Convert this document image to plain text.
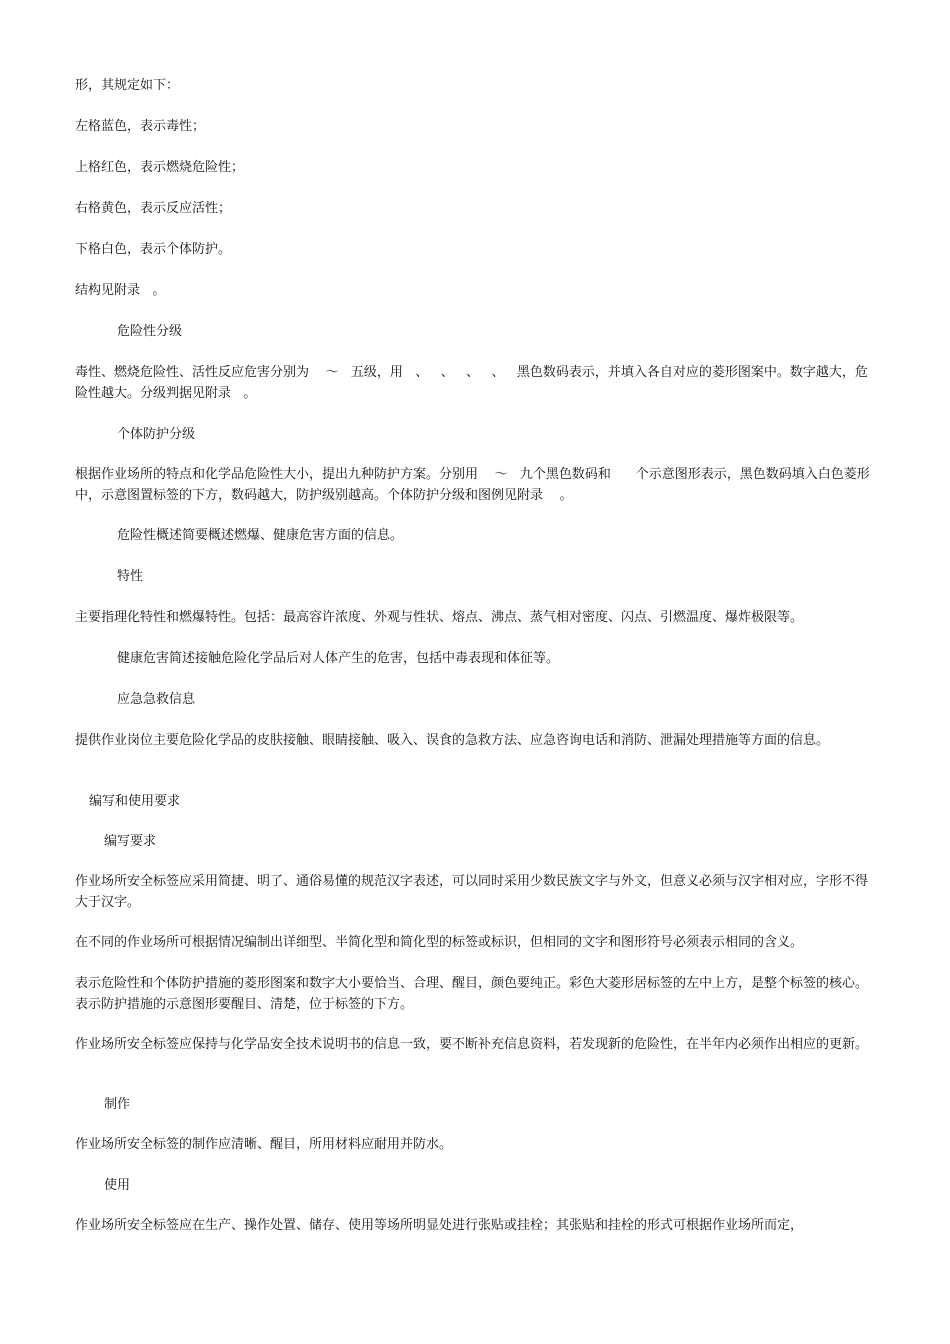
形，其规定如下：

左格蓝色，表示毒性；

上格红色，表示燃烧危险性；

右格黄色，表示反应活性；

下格白色，表示个体防护。

结构见附录   。

危险性分级

毒性、燃烧危险性、活性反应危害分别为    ～   五级，用   、   、   、   、   黑色数码表示，并填入各自对应的菱形图案中。数字越大，危险性越大。分级判据见附录   。

个体防护分级

根据作业场所的特点和化学品危险性大小，提出九种防护方案。分别用    ～   九个黑色数码和      个示意图形表示，黑色数码填入白色菱形中，示意图置标签的下方，数码越大，防护级别越高。个体防护分级和图例见附录    。

危险性概述简要概述燃爆、健康危害方面的信息。

特性

主要指理化特性和燃爆特性。包括：最高容许浓度、外观与性状、熔点、沸点、蒸气相对密度、闪点、引燃温度、爆炸极限等。

健康危害简述接触危险化学品后对人体产生的危害，包括中毒表现和体征等。

应急急救信息

提供作业岗位主要危险化学品的皮肤接触、眼睛接触、吸入、误食的急救方法、应急咨询电话和消防、泄漏处理措施等方面的信息。

编写和使用要求

编写要求

作业场所安全标签应采用简捷、明了、通俗易懂的规范汉字表述，可以同时采用少数民族文字与外文，但意义必须与汉字相对应，字形不得大于汉字。

在不同的作业场所可根据情况编制出详细型、半简化型和简化型的标签或标识，但相同的文字和图形符号必须表示相同的含义。

表示危险性和个体防护措施的菱形图案和数字大小要恰当、合理、醒目，颜色要纯正。彩色大菱形居标签的左中上方，是整个标签的核心。表示防护措施的示意图形要醒目、清楚，位于标签的下方。

作业场所安全标签应保持与化学品安全技术说明书的信息一致，要不断补充信息资料，若发现新的危险性，在半年内必须作出相应的更新。

制作

作业场所安全标签的制作应清晰、醒目，所用材料应耐用并防水。

使用

作业场所安全标签应在生产、操作处置、储存、使用等场所明显处进行张贴或挂栓；其张贴和挂栓的形式可根据作业场所而定，
